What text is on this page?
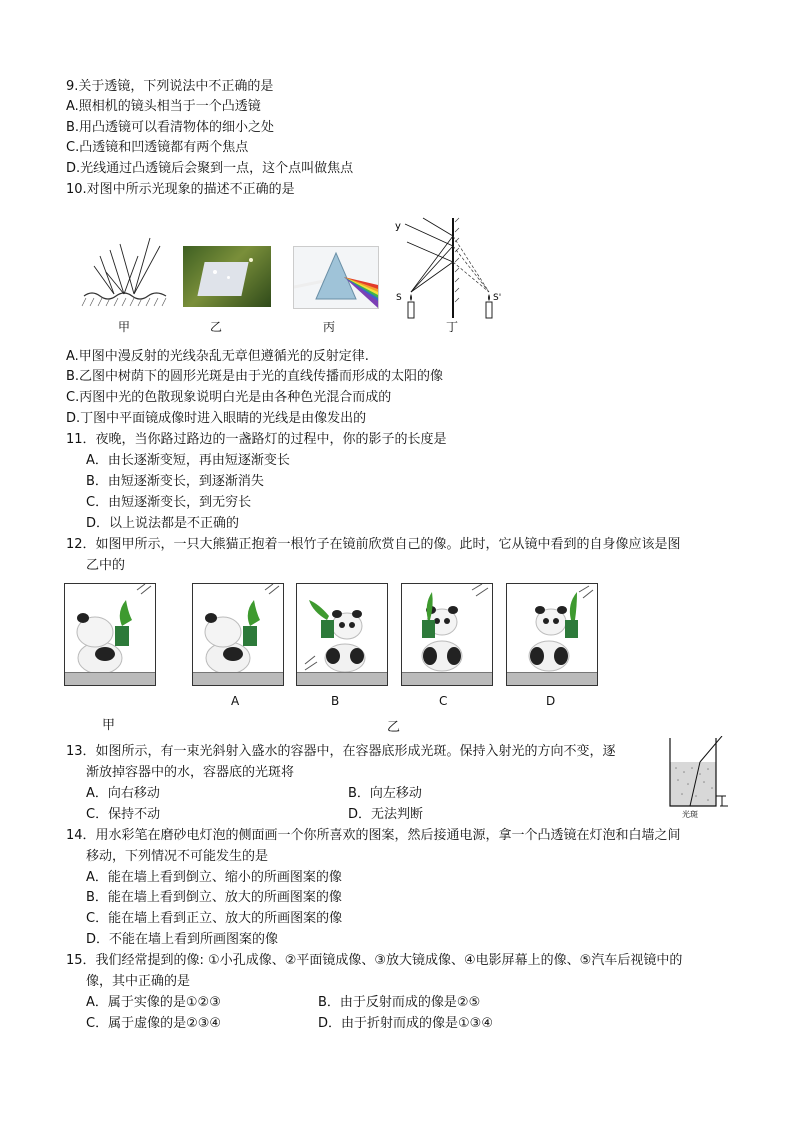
9.关于透镜，下列说法中不正确的是
A.照相机的镜头相当于一个凸透镜
B.用凸透镜可以看清物体的细小之处
C.凸透镜和凹透镜都有两个焦点
D.光线通过凸透镜后会聚到一点，这个点叫做焦点
10.对图中所示光现象的描述不正确的是
甲	乙	丙
y
S	S'
丁
A.甲图中漫反射的光线杂乱无章但遵循光的反射定律.
B.乙图中树荫下的圆形光斑是由于光的直线传播而形成的太阳的像
C.丙图中光的色散现象说明白光是由各种色光混合而成的
D.丁图中平面镜成像时进入眼睛的光线是由像发出的
11．夜晚，当你路过路边的一盏路灯的过程中，你的影子的长度是
A．由长逐渐变短，再由短逐渐变长
B．由短逐渐变长，到逐渐消失
C．由短逐渐变长，到无穷长
D．以上说法都是不正确的
12．如图甲所示，一只大熊猫正抱着一根竹子在镜前欣赏自己的像。此时，它从镜中看到的自身像应该是图
乙中的
A	B	C	D
甲	乙
13．如图所示，有一束光斜射入盛水的容器中，在容器底形成光斑。保持入射光的方向不变，逐
渐放掉容器中的水，容器底的光斑将
A．向右移动	B．向左移动
C．保持不动	D．无法判断	光斑
14．用水彩笔在磨砂电灯泡的侧面画一个你所喜欢的图案，然后接通电源，拿一个凸透镜在灯泡和白墙之间
移动，下列情况不可能发生的是
A．能在墙上看到倒立、缩小的所画图案的像
B．能在墙上看到倒立、放大的所画图案的像
C．能在墙上看到正立、放大的所画图案的像
D．不能在墙上看到所画图案的像
15．我们经常提到的像: ①小孔成像、②平面镜成像、③放大镜成像、④电影屏幕上的像、⑤汽车后视镜中的
像，其中正确的是
A．属于实像的是①②③	B．由于反射而成的像是②⑤
C．属于虚像的是②③④	D．由于折射而成的像是①③④
